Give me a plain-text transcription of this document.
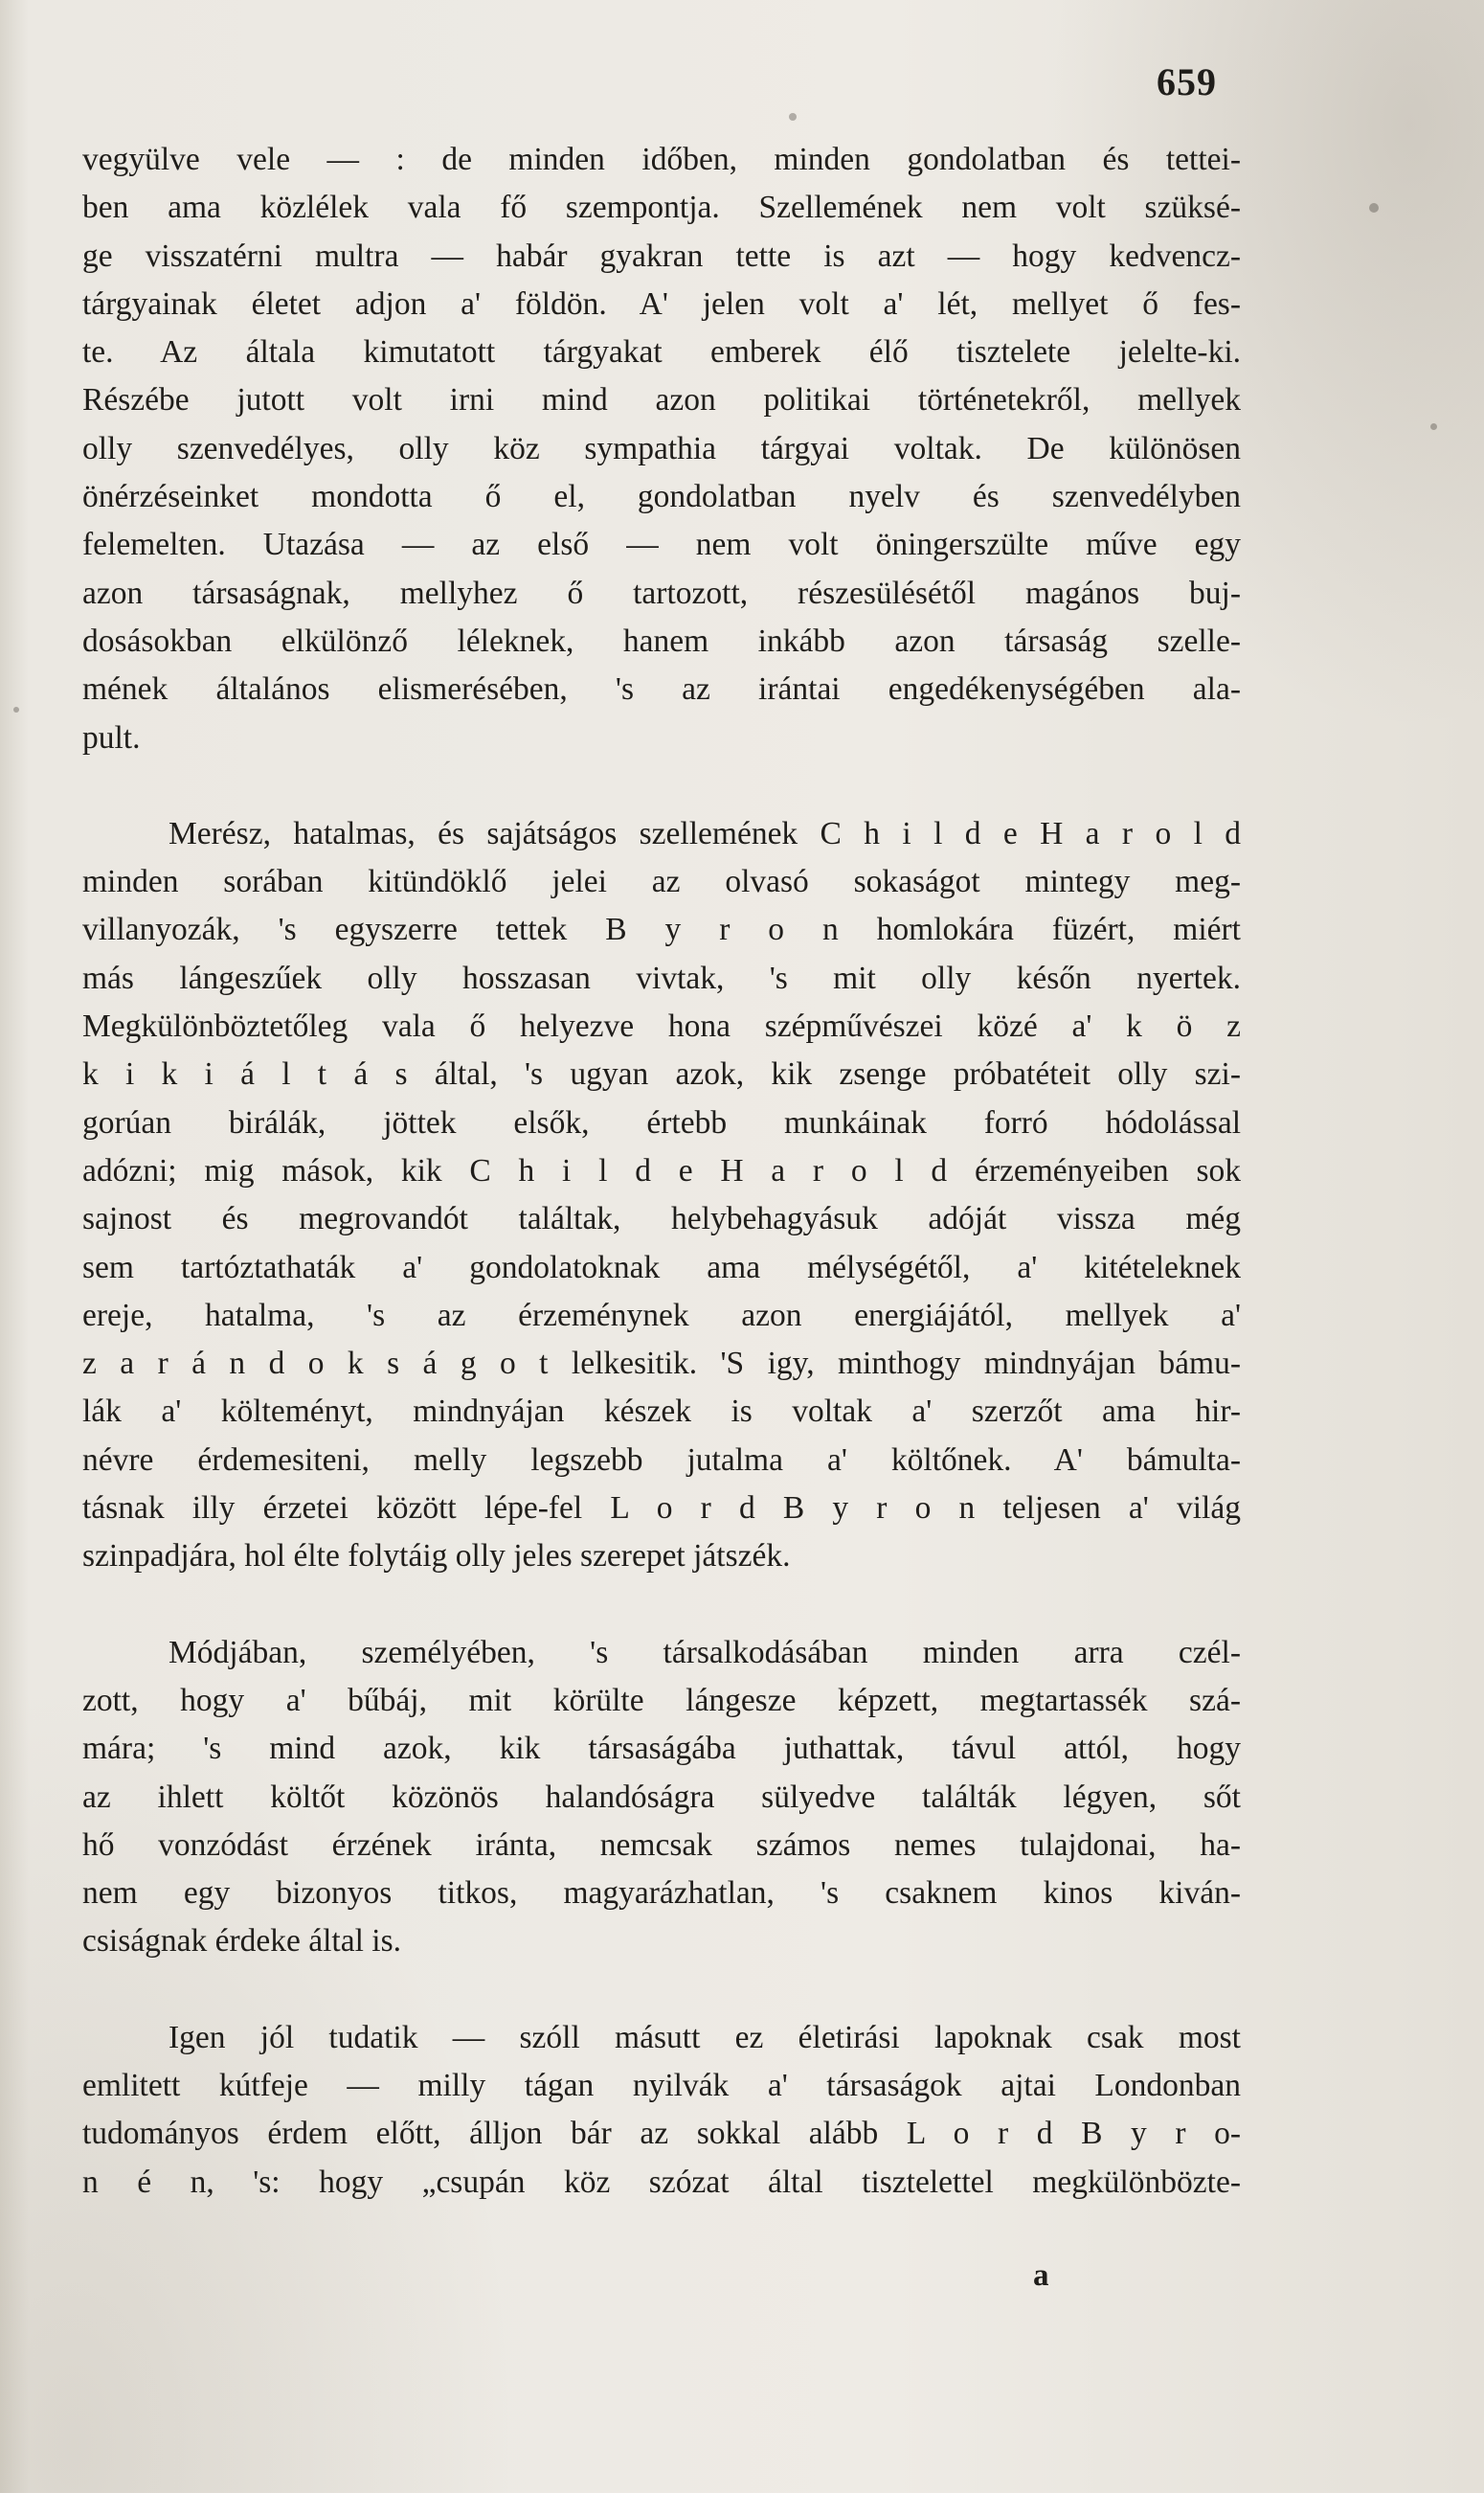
659

vegyülve vele — : de minden időben, minden gondolatban és tettei-
ben ama közlélek vala fő szempontja. Szellemének nem volt szüksé-
ge visszatérni multra — habár gyakran tette is azt — hogy kedvencz-
tárgyainak életet adjon a' földön. A' jelen volt a' lét, mellyet ő fes-
te. Az általa kimutatott tárgyakat emberek élő tisztelete jelelte-ki.
Részébe jutott volt irni mind azon politikai történetekről, mellyek
olly szenvedélyes, olly köz sympathia tárgyai voltak. De különösen
önérzéseinket mondotta ő el, gondolatban nyelv és szenvedélyben
felemelten. Utazása — az első — nem volt öningerszülte műve egy
azon társaságnak, mellyhez ő tartozott, részesülésétől magános buj-
dosásokban elkülönző léleknek, hanem inkább azon társaság szelle-
mének általános elismerésében, 's az irántai engedékenységében ala-
pult.

Merész, hatalmas, és sajátságos szellemének C h i l d e H a r o l d
minden sorában kitündöklő jelei az olvasó sokaságot mintegy meg-
villanyozák, 's egyszerre tettek B y r o n homlokára füzért, miért
más lángeszűek olly hosszasan vivtak, 's mit olly későn nyertek.
Megkülönböztetőleg vala ő helyezve hona szépművészei közé a' k ö z
k i k i á l t á s által, 's ugyan azok, kik zsenge próbatéteit olly szi-
gorúan birálák, jöttek elsők, értebb munkáinak forró hódolással
adózni; mig mások, kik C h i l d e H a r o l d érzeményeiben sok
sajnost és megrovandót találtak, helybehagyásuk adóját vissza még
sem tartóztathaták a' gondolatoknak ama mélységétől, a' kitételeknek
ereje, hatalma, 's az érzeménynek azon energiájától, mellyek a'
z a r á n d o k s á g o t lelkesitik. 'S igy, minthogy mindnyájan bámu-
lák a' költeményt, mindnyájan készek is voltak a' szerzőt ama hir-
névre érdemesiteni, melly legszebb jutalma a' költőnek. A' bámulta-
tásnak illy érzetei között lépe-fel L o r d B y r o n teljesen a' világ
szinpadjára, hol élte folytáig olly jeles szerepet játszék.

Módjában, személyében, 's társalkodásában minden arra czél-
zott, hogy a' bűbáj, mit körülte lángesze képzett, megtartassék szá-
mára; 's mind azok, kik társaságába juthattak, távul attól, hogy
az ihlett költőt közönös halandóságra sülyedve találták légyen, sőt
hő vonzódást érzének iránta, nemcsak számos nemes tulajdonai, ha-
nem egy bizonyos titkos, magyarázhatlan, 's csaknem kinos kiván-
csiságnak érdeke által is.

Igen jól tudatik — szóll másutt ez életirási lapoknak csak most
emlitett kútfeje — milly tágan nyilvák a' társaságok ajtai Londonban
tudományos érdem előtt, álljon bár az sokkal alább L o r d B y r o-
n é n, 's: hogy „csupán köz szózat által tisztelettel megkülönbözte-

a
